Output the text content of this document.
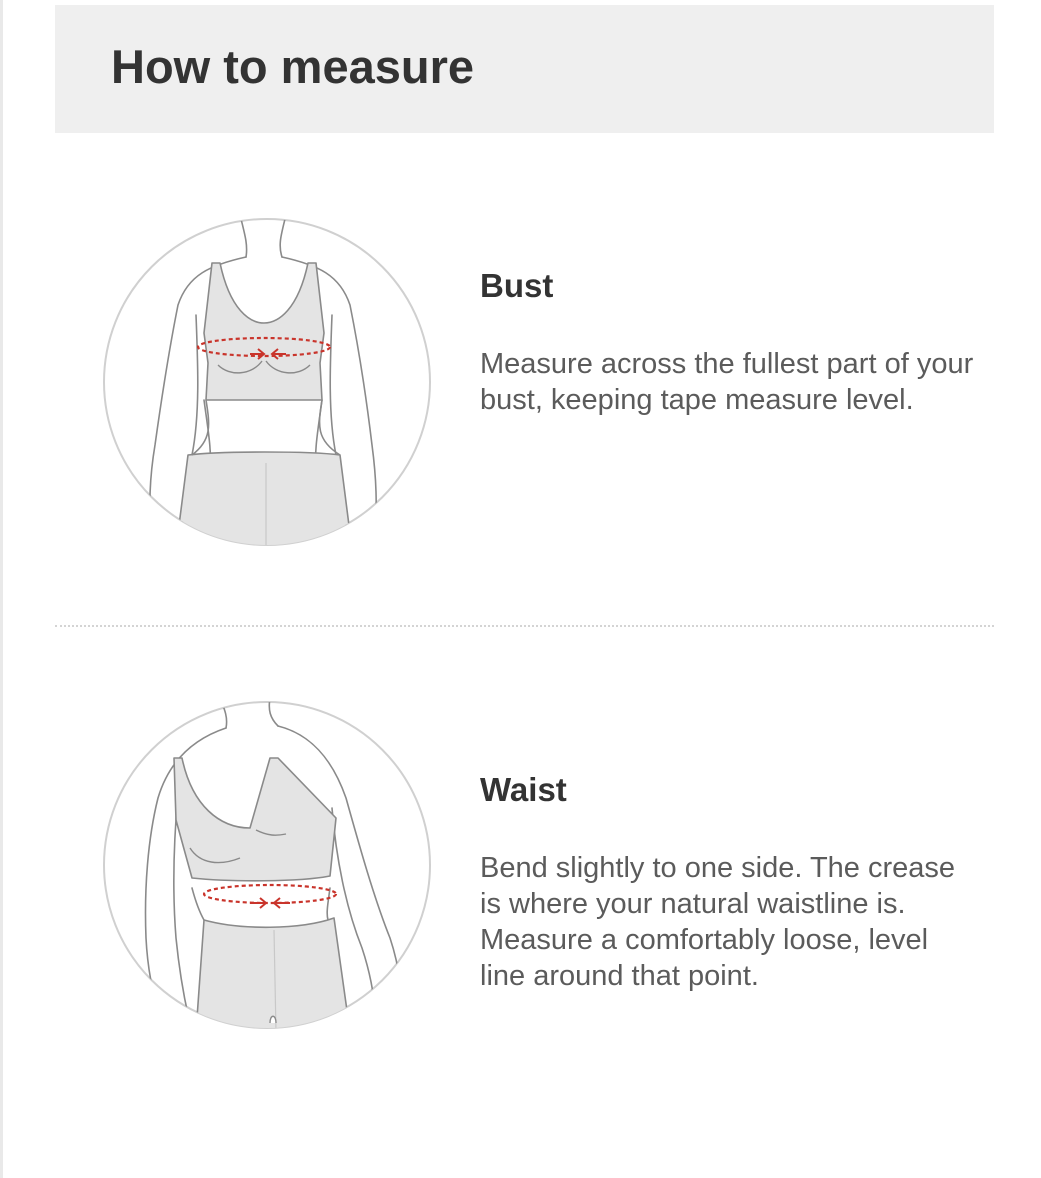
How to measure
Bust

Measure across the fullest part of your bust, keeping tape measure level.

Waist

Bend slightly to one side. The crease is where your natural waistline is. Measure a comfortably loose, level line around that point.
